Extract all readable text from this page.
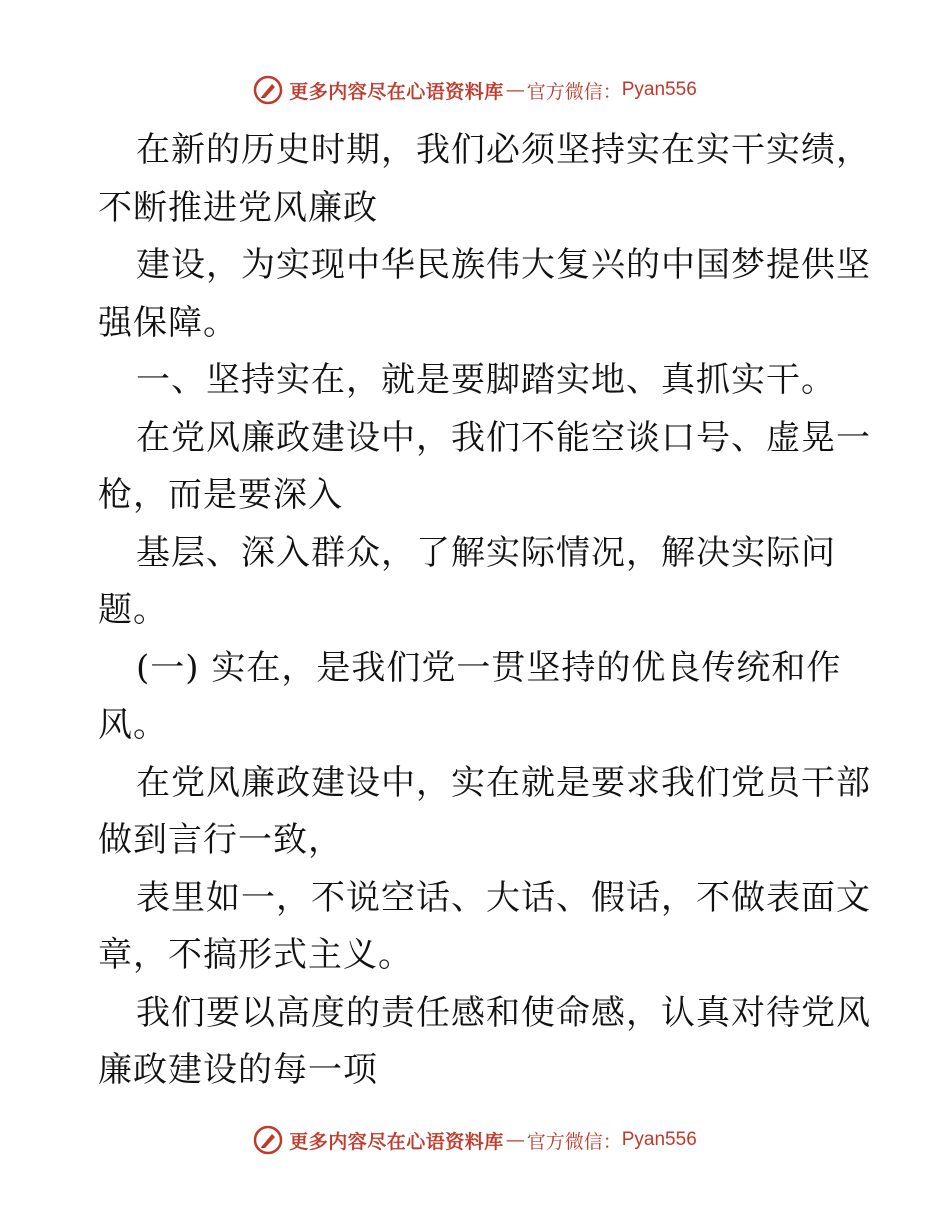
更多内容尽在心语资料库 — 官方微信： Pyan556
在新的历史时期，我们必须坚持实在实干实绩，
不断推进党风廉政
建设，为实现中华民族伟大复兴的中国梦提供坚
强保障。
一、坚持实在，就是要脚踏实地、真抓实干。
在党风廉政建设中，我们不能空谈口号、虚晃一
枪，而是要深入
基层、深入群众，了解实际情况，解决实际问
题。
(一) 实在，是我们党一贯坚持的优良传统和作
风。
在党风廉政建设中，实在就是要求我们党员干部
做到言行一致，
表里如一，不说空话、大话、假话，不做表面文
章，不搞形式主义。
我们要以高度的责任感和使命感，认真对待党风
廉政建设的每一项
更多内容尽在心语资料库 — 官方微信： Pyan556
